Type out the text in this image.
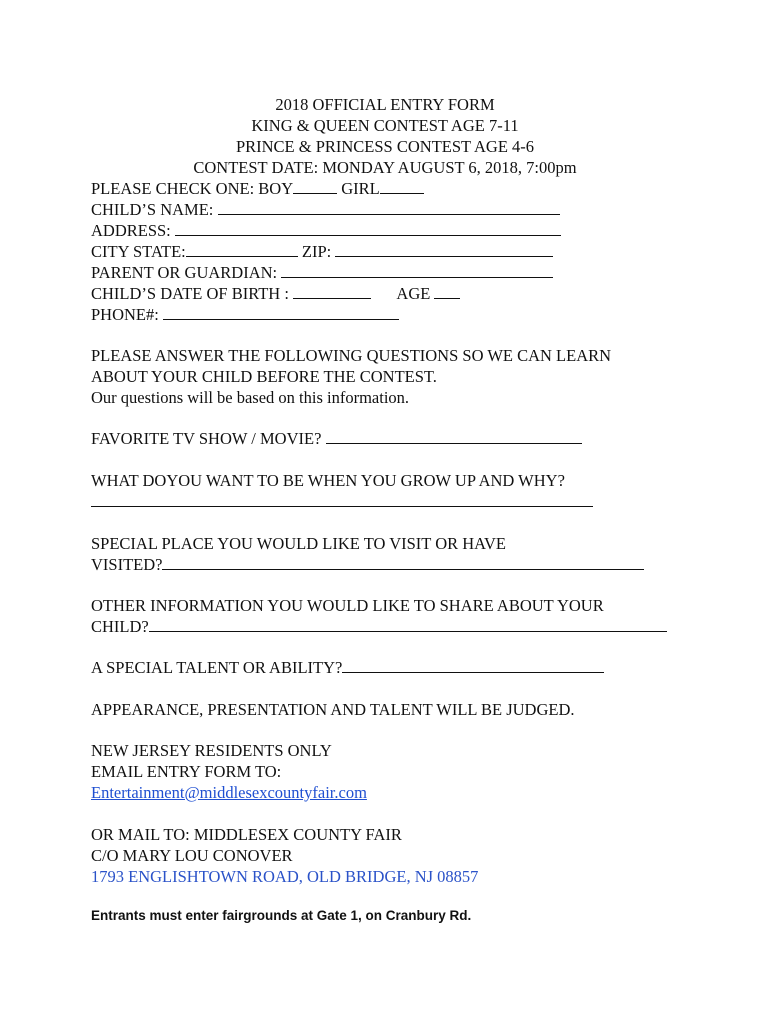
2018 OFFICIAL ENTRY FORM
KING & QUEEN CONTEST AGE 7-11
PRINCE & PRINCESS CONTEST AGE 4-6
CONTEST DATE: MONDAY AUGUST 6, 2018, 7:00pm
PLEASE CHECK ONE: BOY	GIRL
CHILD’S NAME:
ADDRESS:
CITY STATE:	ZIP:
PARENT OR GUARDIAN:
CHILD’S DATE OF BIRTH :	AGE
PHONE#:
PLEASE ANSWER THE FOLLOWING QUESTIONS SO WE CAN LEARN
ABOUT YOUR CHILD BEFORE THE CONTEST.
Our questions will be based on this information.
FAVORITE TV SHOW / MOVIE?
WHAT DOYOU WANT TO BE WHEN YOU GROW UP AND WHY?
SPECIAL PLACE YOU WOULD LIKE TO VISIT OR HAVE
VISITED?
OTHER INFORMATION YOU WOULD LIKE TO SHARE ABOUT YOUR
CHILD?
A SPECIAL TALENT OR ABILITY?
APPEARANCE, PRESENTATION AND TALENT WILL BE JUDGED.
NEW JERSEY RESIDENTS ONLY
EMAIL ENTRY FORM TO:
Entertainment@middlesexcountyfair.com
OR MAIL TO: MIDDLESEX COUNTY FAIR
C/O MARY LOU CONOVER
1793 ENGLISHTOWN ROAD, OLD BRIDGE, NJ 08857
Entrants must enter fairgrounds at Gate 1, on Cranbury Rd.
